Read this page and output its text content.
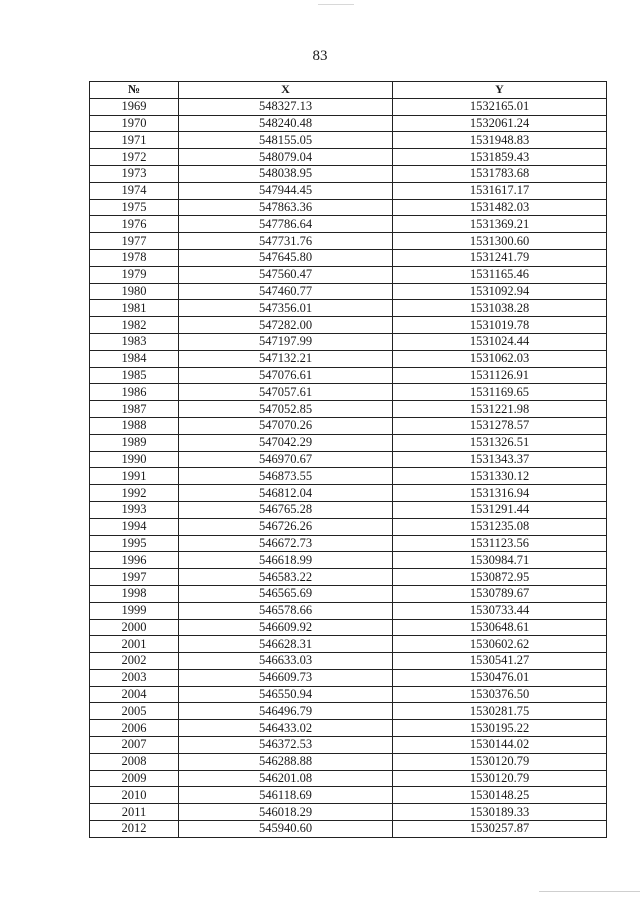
83
№	X	Y
1969	548327.13	1532165.01
1970	548240.48	1532061.24
1971	548155.05	1531948.83
1972	548079.04	1531859.43
1973	548038.95	1531783.68
1974	547944.45	1531617.17
1975	547863.36	1531482.03
1976	547786.64	1531369.21
1977	547731.76	1531300.60
1978	547645.80	1531241.79
1979	547560.47	1531165.46
1980	547460.77	1531092.94
1981	547356.01	1531038.28
1982	547282.00	1531019.78
1983	547197.99	1531024.44
1984	547132.21	1531062.03
1985	547076.61	1531126.91
1986	547057.61	1531169.65
1987	547052.85	1531221.98
1988	547070.26	1531278.57
1989	547042.29	1531326.51
1990	546970.67	1531343.37
1991	546873.55	1531330.12
1992	546812.04	1531316.94
1993	546765.28	1531291.44
1994	546726.26	1531235.08
1995	546672.73	1531123.56
1996	546618.99	1530984.71
1997	546583.22	1530872.95
1998	546565.69	1530789.67
1999	546578.66	1530733.44
2000	546609.92	1530648.61
2001	546628.31	1530602.62
2002	546633.03	1530541.27
2003	546609.73	1530476.01
2004	546550.94	1530376.50
2005	546496.79	1530281.75
2006	546433.02	1530195.22
2007	546372.53	1530144.02
2008	546288.88	1530120.79
2009	546201.08	1530120.79
2010	546118.69	1530148.25
2011	546018.29	1530189.33
2012	545940.60	1530257.87
